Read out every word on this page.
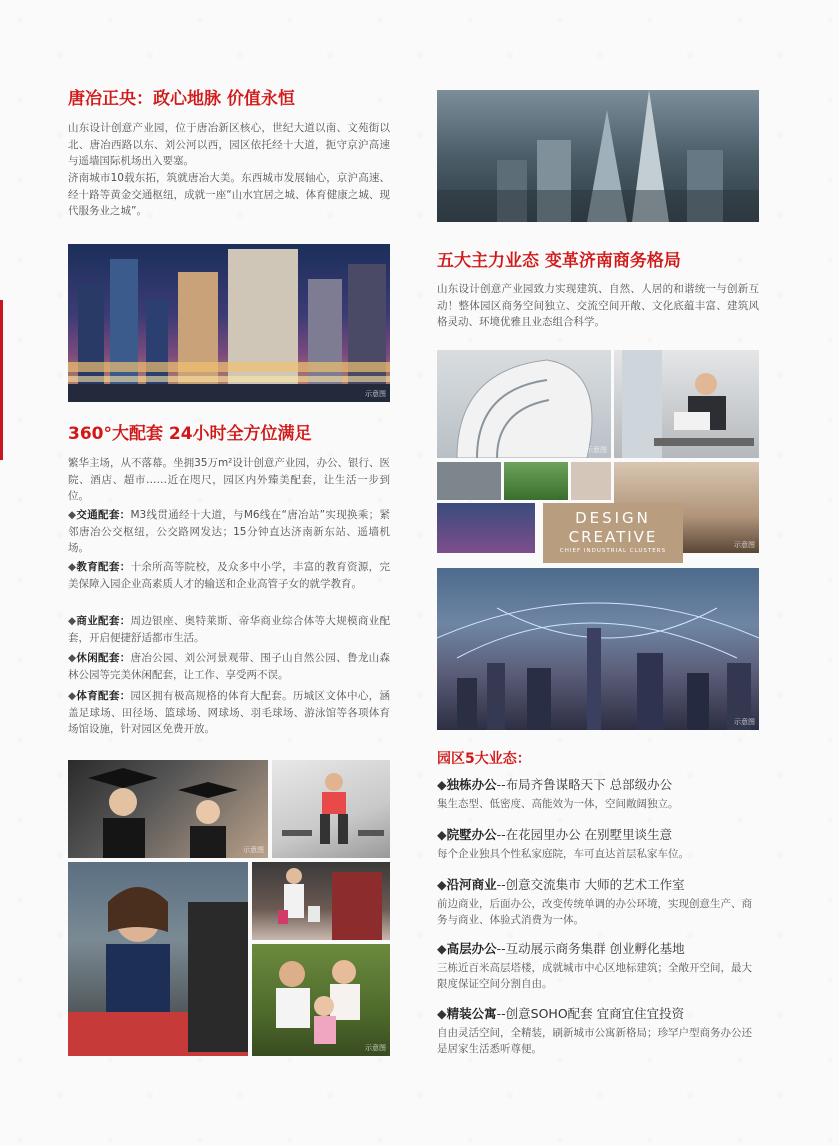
唐冶正央：政心地脉 价值永恒
山东设计创意产业园，位于唐冶新区核心，世纪大道以南、文苑街以北、唐冶西路以东、刘公河以西，园区依托经十大道，扼守京沪高速与遥墙国际机场出入要塞。
济南城市10载东拓，筑就唐冶大美。东西城市发展轴心，京沪高速、经十路等黄金交通枢纽，成就一座“山水宜居之城、体育健康之城、现代服务业之城”。
示意图
360°大配套 24小时全方位满足
繁华主场，从不落幕。坐拥35万m²设计创意产业园，办公、银行、医院、酒店、超市……近在咫尺，园区内外臻美配套，让生活一步到位。
◆交通配套：M3线贯通经十大道，与M6线在“唐冶站”实现换乘；紧邻唐冶公交枢纽，公交路网发达；15分钟直达济南新东站、遥墙机场。
◆教育配套：十余所高等院校，及众多中小学，丰富的教育资源，完美保障入园企业高素质人才的输送和企业高管子女的就学教育。
◆商业配套：周边银座、奥特莱斯、帝华商业综合体等大规模商业配套，开启便捷舒适都市生活。
◆休闲配套：唐冶公园、刘公河景观带、围子山自然公园、鲁龙山森林公园等完美休闲配套，让工作、享受两不误。
◆体育配套：园区拥有极高规格的体育大配套。历城区文体中心，涵盖足球场、田径场、篮球场、网球场、羽毛球场、游泳馆等各项体育场馆设施，针对园区免费开放。
示意图
示意图
五大主力业态 变革济南商务格局
山东设计创意产业园致力实现建筑、自然、人居的和谐统一与创新互动！整体园区商务空间独立、交流空间开敞、文化底蕴丰富、建筑风格灵动、环境优雅且业态组合科学。
示意图
示意图
DESIGN
CREATIVE
CHIEF INDUSTRIAL CLUSTERS
示意图
园区5大业态：
◆独栋办公--布局齐鲁谋略天下 总部级办公
集生态型、低密度、高能效为一体，空间敞阔独立。
◆院墅办公--在花园里办公 在别墅里谈生意
每个企业独具个性私家庭院，车可直达首层私家车位。
◆沿河商业--创意交流集市 大师的艺术工作室
前边商业，后面办公，改变传统单调的办公环境，实现创意生产、商务与商业、体验式消费为一体。
◆高层办公--互动展示商务集群 创业孵化基地
三栋近百米高层塔楼，成就城市中心区地标建筑；全敞开空间，最大限度保证空间分割自由。
◆精装公寓--创意SOHO配套 宜商宜住宜投资
自由灵活空间，全精装，刷新城市公寓新格局；珍罕户型商务办公还是居家生活悉听尊便。
